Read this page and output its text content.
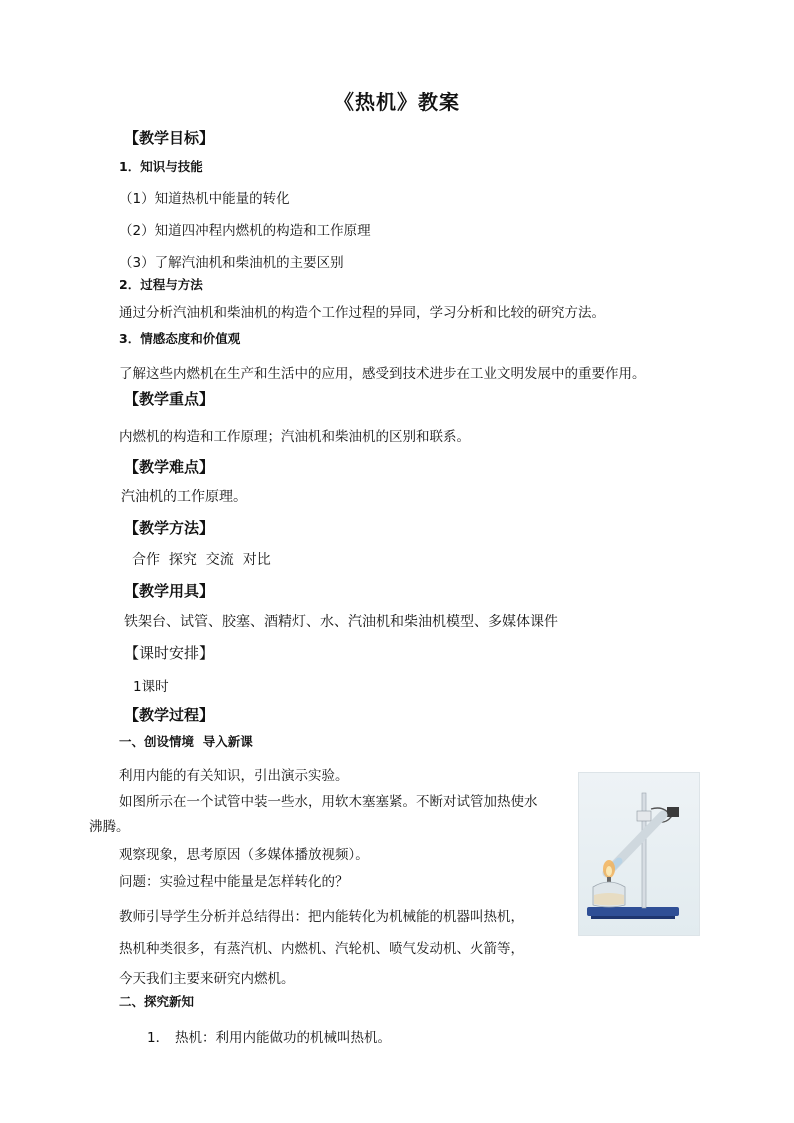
《热机》教案
【教学目标】
1．知识与技能
（1）知道热机中能量的转化
（2）知道四冲程内燃机的构造和工作原理
（3）了解汽油机和柴油机的主要区别
2．过程与方法
通过分析汽油机和柴油机的构造个工作过程的异同，学习分析和比较的研究方法。
3．情感态度和价值观
了解这些内燃机在生产和生活中的应用，感受到技术进步在工业文明发展中的重要作用。
【教学重点】
内燃机的构造和工作原理；汽油机和柴油机的区别和联系。
【教学难点】
汽油机的工作原理。
【教学方法】
合作  探究  交流  对比
【教学用具】
铁架台、试管、胶塞、酒精灯、水、汽油机和柴油机模型、多媒体课件
【课时安排】
1课时
【教学过程】
一、创设情境  导入新课
利用内能的有关知识，引出演示实验。
如图所示在一个试管中装一些水，用软木塞塞紧。不断对试管加热使水
沸腾。
观察现象，思考原因（多媒体播放视频）。
问题：实验过程中能量是怎样转化的？
教师引导学生分析并总结得出：把内能转化为机械能的机器叫热机，
热机种类很多，有蒸汽机、内燃机、汽轮机、喷气发动机、火箭等，
今天我们主要来研究内燃机。
二、探究新知
1． 热机：利用内能做功的机械叫热机。
